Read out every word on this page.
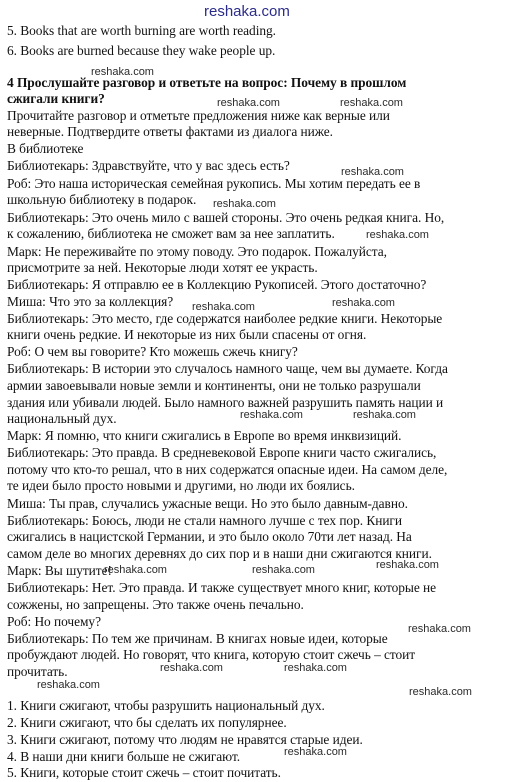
reshaka.com
5. Books that are worth burning are worth reading.
6. Books are burned because they wake people up.
4 Прослушайте разговор и ответьте на вопрос: Почему в прошлом
сжигали книги?
Прочитайте разговор и отметьте предложения ниже как верные или
неверные. Подтвердите ответы фактами из диалога ниже.
В библиотеке
Библиотекарь: Здравствуйте, что у вас здесь есть?
Роб: Это наша историческая семейная рукопись. Мы хотим передать ее в
школьную библиотеку в подарок.
Библиотекарь: Это очень мило с вашей стороны. Это очень редкая книга. Но,
к сожалению, библиотека не сможет вам за нее заплатить.
Марк: Не переживайте по этому поводу. Это подарок. Пожалуйста,
присмотрите за ней. Некоторые люди хотят ее украсть.
Библиотекарь: Я отправлю ее в Коллекцию Рукописей. Этого достаточно?
Миша: Что это за коллекция?
Библиотекарь: Это место, где содержатся наиболее редкие книги. Некоторые
книги очень редкие. И некоторые из них были спасены от огня.
Роб: О чем вы говорите? Кто можешь сжечь книгу?
Библиотекарь: В истории это случалось намного чаще, чем вы думаете. Когда
армии завоевывали новые земли и континенты, они не только разрушали
здания или убивали людей. Было намного важней разрушить память нации и
национальный дух.
Марк: Я помню, что книги сжигались в Европе во время инквизиций.
Библиотекарь: Это правда. В средневековой Европе книги часто сжигались,
потому что кто-то решал, что в них содержатся опасные идеи. На самом деле,
те идеи было просто новыми и другими, но люди их боялись.
Миша: Ты прав, случались ужасные вещи. Но это было давным-давно.
Библиотекарь: Боюсь, люди не стали намного лучше с тех пор. Книги
сжигались в нацистской Германии, и это было около 70ти лет назад. На
самом деле во многих деревнях до сих пор и в наши дни сжигаются книги.
Марк: Вы шутите!
Библиотекарь: Нет. Это правда. И также существует много книг, которые не
сожжены, но запрещены. Это также очень печально.
Роб: Но почему?
Библиотекарь: По тем же причинам. В книгах новые идеи, которые
пробуждают людей. Но говорят, что книга, которую стоит сжечь – стоит
прочитать.
1. Книги сжигают, чтобы разрушить национальный дух.
2. Книги сжигают, что бы сделать их популярнее.
3. Книги сжигают, потому что людям не нравятся старые идеи.
4. В наши дни книги больше не сжигают.
5. Книги, которые стоит сжечь – стоит почитать.
reshaka.com
reshaka.com	reshaka.com
reshaka.com
reshaka.com
reshaka.com
reshaka.com	reshaka.com
reshaka.com	reshaka.com
reshaka.com	reshaka.com	reshaka.com
reshaka.com
reshaka.com	reshaka.com
reshaka.com
reshaka.com
reshaka.com
